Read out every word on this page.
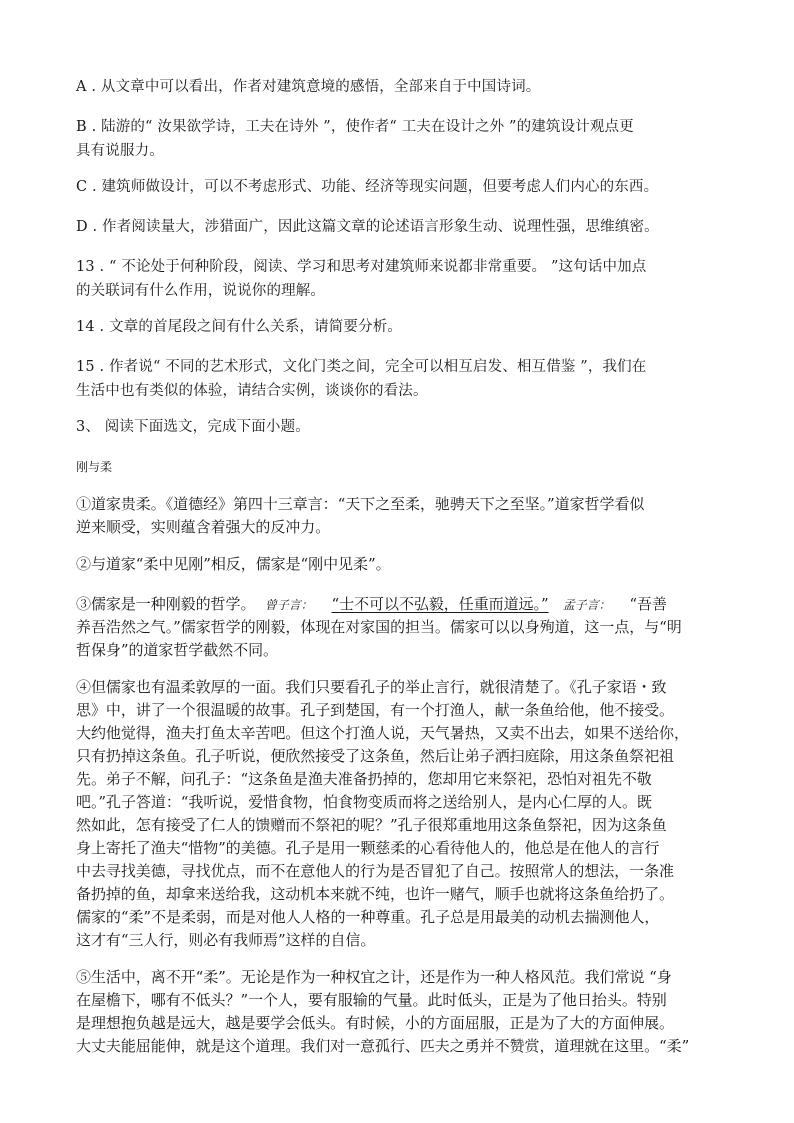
A . 从文章中可以看出，作者对建筑意境的感悟，全部来自于中国诗词。

B . 陆游的“ 汝果欲学诗，工夫在诗外 ”，使作者“ 工夫在设计之外 ”的建筑设计观点更

具有说服力。

C . 建筑师做设计，可以不考虑形式、功能、经济等现实问题，但要考虑人们内心的东西。

D . 作者阅读量大，涉猎面广，因此这篇文章的论述语言形象生动、说理性强，思维缜密。

13 . “ 不论处于何种阶段，阅读、学习和思考对建筑师来说都非常重要。 ”这句话中加点

的关联词有什么作用，说说你的理解。

14 . 文章的首尾段之间有什么关系，请简要分析。

15 . 作者说“ 不同的艺术形式，文化门类之间，完全可以相互启发、相互借鉴 ”，我们在

生活中也有类似的体验，请结合实例，谈谈你的看法。

3、 阅读下面选文，完成下面小题。

刚与柔

①道家贵柔。《道德经》第四十三章言：“天下之至柔，驰骋天下之至坚。”道家哲学看似

逆来顺受，实则蕴含着强大的反冲力。

②与道家“柔中见刚”相反，儒家是“刚中见柔”。

③儒家是一种刚毅的哲学。 曾子言： “士不可以不弘毅，任重而道远。” 孟子言： “吾善

养吾浩然之气。”儒家哲学的刚毅，体现在对家国的担当。儒家可以以身殉道，这一点，与“明

哲保身”的道家哲学截然不同。

④但儒家也有温柔敦厚的一面。我们只要看孔子的举止言行，就很清楚了。《孔子家语・致

思》中，讲了一个很温暖的故事。孔子到楚国，有一个打渔人，献一条鱼给他，他不接受。

大约他觉得，渔夫打鱼太辛苦吧。但这个打渔人说，天气暑热，又卖不出去，如果不送给你，

只有扔掉这条鱼。孔子听说，便欣然接受了这条鱼，然后让弟子洒扫庭除，用这条鱼祭祀祖

先。弟子不解，问孔子：“这条鱼是渔夫准备扔掉的，您却用它来祭祀，恐怕对祖先不敬

吧。”孔子答道：“我听说，爱惜食物，怕食物变质而将之送给别人，是内心仁厚的人。既

然如此，怎有接受了仁人的馈赠而不祭祀的呢？”孔子很郑重地用这条鱼祭祀，因为这条鱼

身上寄托了渔夫“惜物”的美德。孔子是用一颗慈柔的心看待他人的，他总是在他人的言行

中去寻找美德，寻找优点，而不在意他人的行为是否冒犯了自己。按照常人的想法，一条准

备扔掉的鱼，却拿来送给我，这动机本来就不纯，也许一赌气，顺手也就将这条鱼给扔了。

儒家的“柔”不是柔弱，而是对他人人格的一种尊重。孔子总是用最美的动机去揣测他人，

这才有“三人行，则必有我师焉”这样的自信。

⑤生活中，离不开“柔”。无论是作为一种权宜之计，还是作为一种人格风范。我们常说 “身

在屋檐下，哪有不低头？”一个人，要有服输的气量。此时低头，正是为了他日抬头。特别

是理想抱负越是远大，越是要学会低头。有时候，小的方面屈服，正是为了大的方面伸展。

大丈夫能屈能伸，就是这个道理。我们对一意孤行、匹夫之勇并不赞赏，道理就在这里。“柔”
